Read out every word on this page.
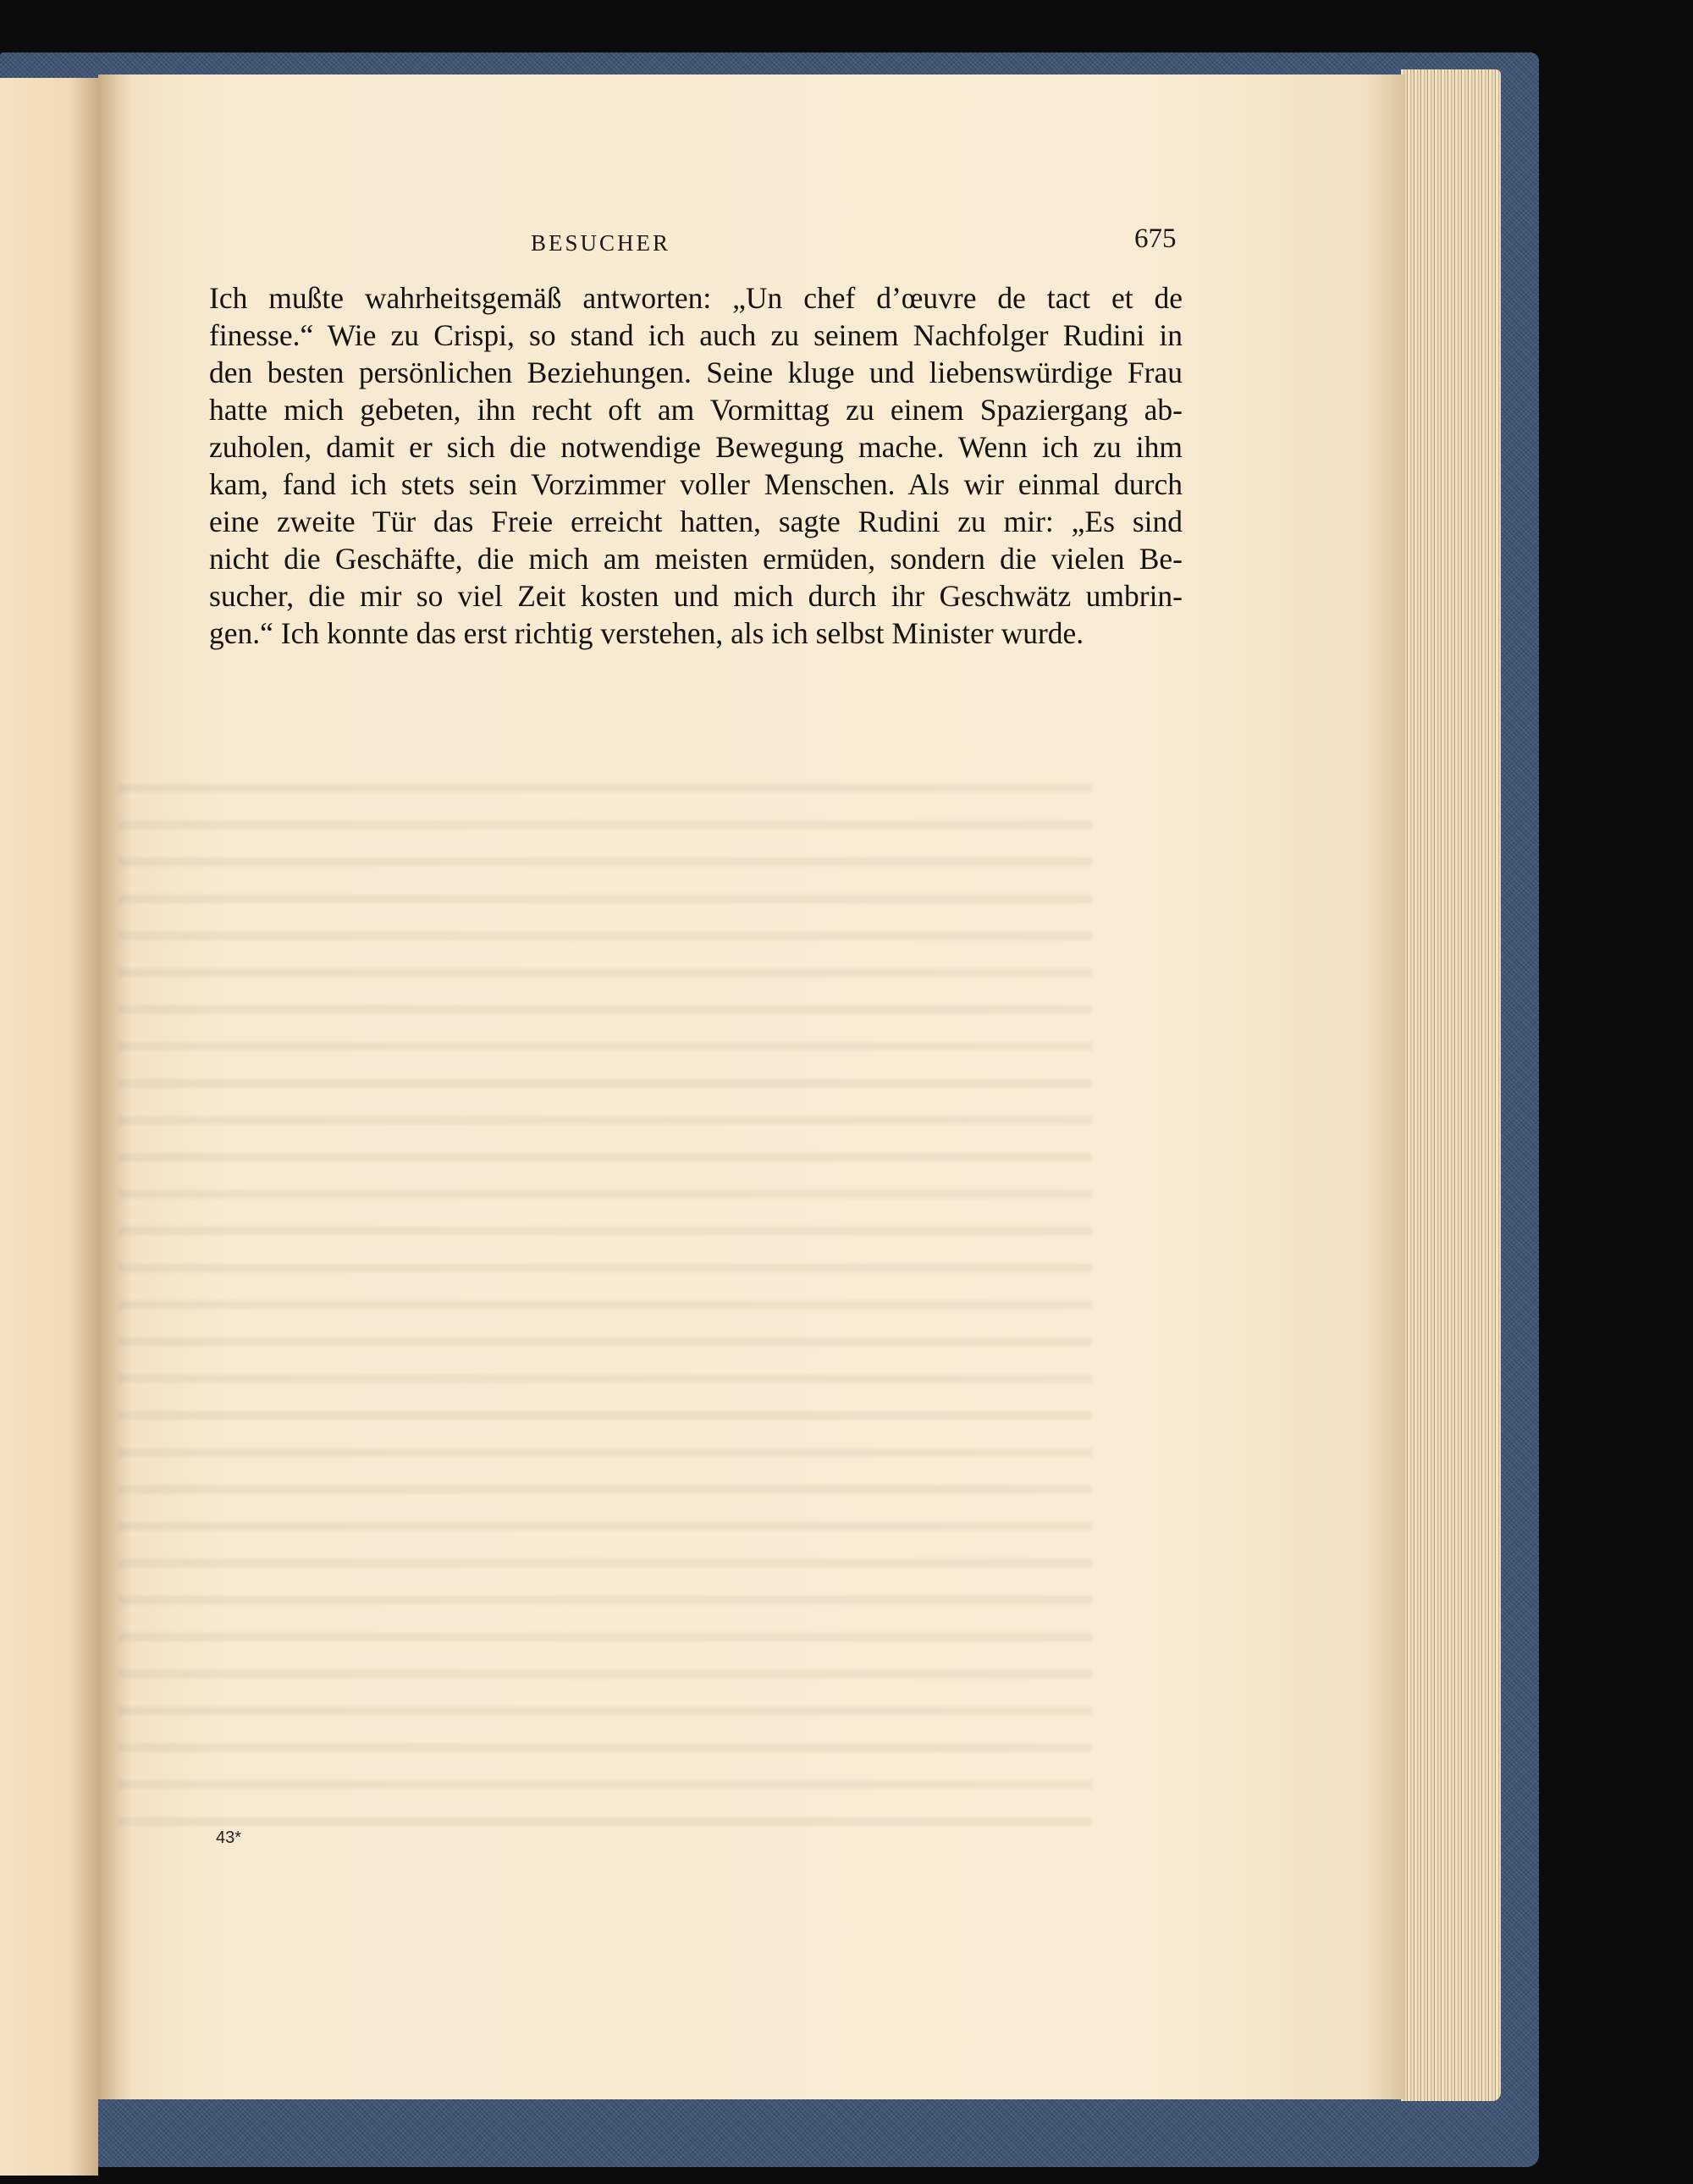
BESUCHER	675
Ich mußte wahrheitsgemäß antworten: „Un chef d’œuvre de tact et de
finesse.“ Wie zu Crispi, so stand ich auch zu seinem Nachfolger Rudini in
den besten persönlichen Beziehungen. Seine kluge und liebenswürdige Frau
hatte mich gebeten, ihn recht oft am Vormittag zu einem Spaziergang ab-
zuholen, damit er sich die notwendige Bewegung mache. Wenn ich zu ihm
kam, fand ich stets sein Vorzimmer voller Menschen. Als wir einmal durch
eine zweite Tür das Freie erreicht hatten, sagte Rudini zu mir: „Es sind
nicht die Geschäfte, die mich am meisten ermüden, sondern die vielen Be-
sucher, die mir so viel Zeit kosten und mich durch ihr Geschwätz umbrin-
gen.“ Ich konnte das erst richtig verstehen, als ich selbst Minister wurde.
43*
